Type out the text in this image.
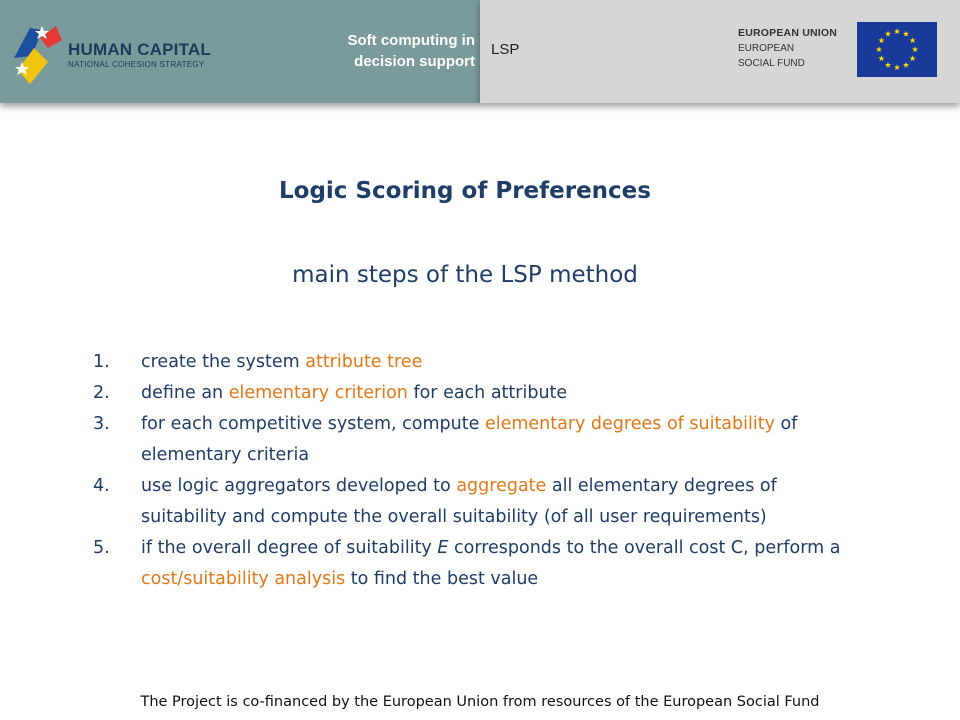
HUMAN CAPITAL
NATIONAL COHESION STRATEGY
Soft computing in
decision support
LSP
EUROPEAN UNION
EUROPEAN
SOCIAL FUND
Logic Scoring of Preferences
main steps of the LSP method
1. create the system attribute tree
2. define an elementary criterion for each attribute
3. for each competitive system, compute elementary degrees of suitability of elementary criteria
4. use logic aggregators developed to aggregate all elementary degrees of suitability and compute the overall suitability (of all user requirements)
5. if the overall degree of suitability E corresponds to the overall cost C, perform a cost/suitability analysis to find the best value
The Project is co-financed by the European Union from resources of the European Social Fund
